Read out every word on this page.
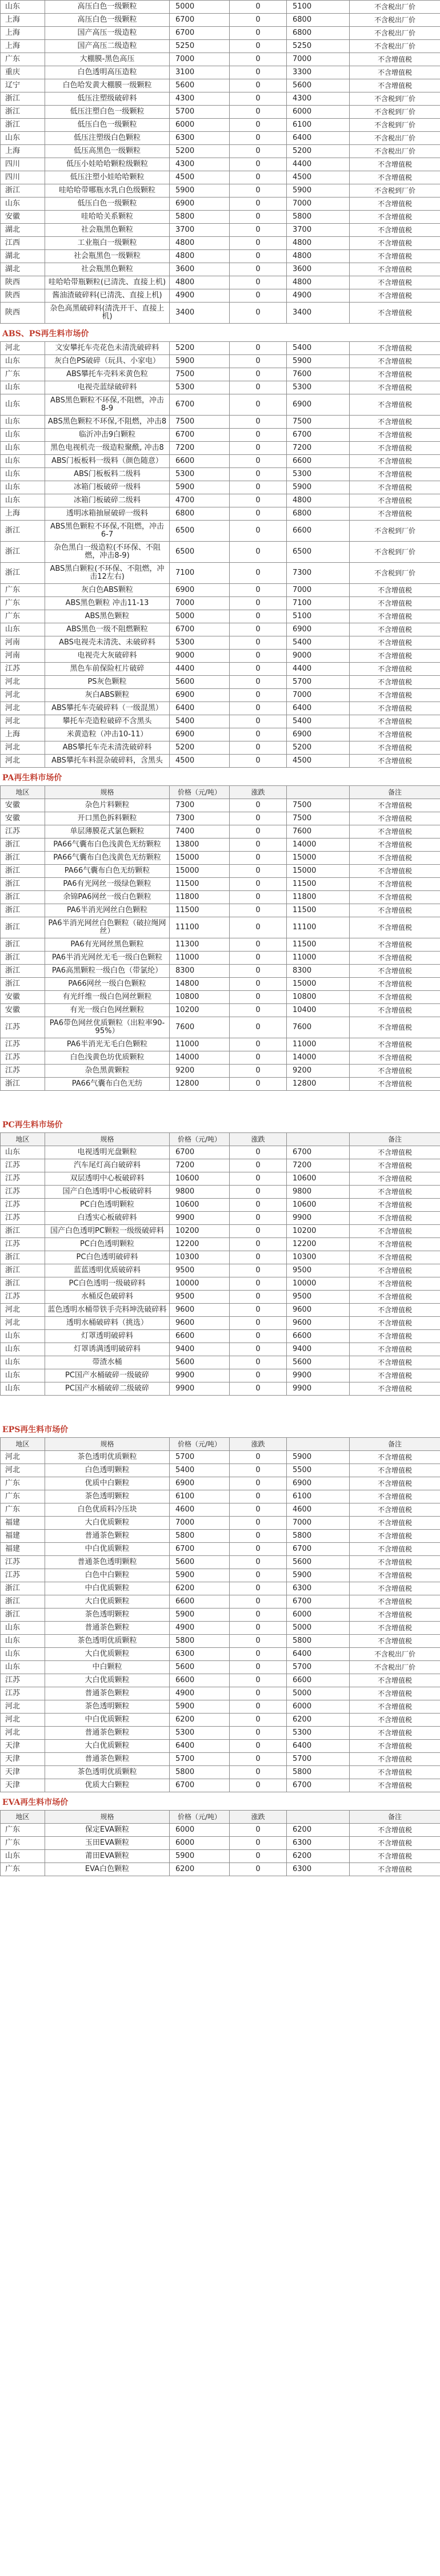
山东	高压白色一级颗粒	5000	0	5100	不含税出厂价
上海	高压白色一级颗粒	6700	0	6800	不含税出厂价
上海	国产高压一级造粒	6700	0	6800	不含税出厂价
上海	国产高压二级造粒	5250	0	5250	不含税出厂价
广东	大棚膜-黑色高压	7000	0	7000	不含增值税
重庆	白色透明高压造粒	3100	0	3300	不含增值税
辽宁	白色哈发黄大棚膜一级颗粒	5600	0	5600	不含增值税
浙江	低压注塑级破碎料	4300	0	4300	不含税到厂价
浙江	低压注塑白色一级颗粒	5700	0	6000	不含税到厂价
浙江	低压白色一级颗粒	6000	0	6100	不含税到厂价
山东	低压注塑级白色颗粒	6300	0	6400	不含税出厂价
上海	低压高黑色一级颗粒	5200	0	5200	不含税出厂价
四川	低压小娃哈哈颗粒级颗粒	4300	0	4400	不含增值税
四川	低压注塑小娃哈哈颗粒	4500	0	4500	不含增值税
浙江	哇哈哈带哪瓶水乳白色级颗粒	5900	0	5900	不含税到厂价
山东	低压白色一级颗粒	6900	0	7000	不含增值税
安徽	哇哈哈关系颗粒	5800	0	5800	不含增值税
湖北	社会瓶黑色颗粒	3700	0	3700	不含增值税
江西	工业瓶白一级颗粒	4800	0	4800	不含增值税
湖北	社会瓶黑色一级颗粒	4800	0	4800	不含增值税
湖北	社会瓶黑色颗粒	3600	0	3600	不含增值税
陕西	哇哈哈带瓶颗粒(已清洗、直接上机)	4800	0	4800	不含增值税
陕西	酱油渣破碎料(已清洗、直接上机)	4900	0	4900	不含增值税
陕西	杂色高黑破碎料(清洗开干、直接上机)	3400	0	3400	不含增值税
ABS、PS再生料市场价
河北	文安攀托车壳花色未清洗破碎料	5200	0	5400	不含增值税
山东	灰白色PS破碎（玩具、小家电）	5900	0	5900	不含增值税
广东	ABS攀托车壳料米黄色粒	7500	0	7600	不含增值税
山东	电视壳蓝绿破碎料	5300	0	5300	不含增值税
山东	ABS黑色颗粒不环保,不阻燃，冲击8-9	6700	0	6900	不含增值税
山东	ABS黑色颗粒不环保,不阻燃，冲击8	7500	0	7500	不含增值税
山东	临沂冲击9白颗粒	6700	0	6700	不含增值税
山东	黑色电视机壳一级造粒聚酰, 冲击8	7200	0	7200	不含增值税
山东	ABS门板板料一级料（颜色随意）	6600	0	6600	不含增值税
山东	ABS门板板料二级料	5300	0	5300	不含增值税
山东	冰箱门板破碎一级料	5900	0	5900	不含增值税
山东	冰箱门板破碎二级料	4700	0	4800	不含增值税
上海	透明冰箱抽屉破碎一级料	6800	0	6800	不含增值税
浙江	ABS黑色颗粒不环保,不阻燃，冲击6-7	6500	0	6600	不含税到厂价
浙江	杂色黑白一级造粒(不环保、不阻燃，冲击8-9)	6500	0	6500	不含税到厂价
浙江	ABS黑白颗粒(不环保、不阻燃，冲击12左右)	7100	0	7300	不含税到厂价
广东	灰白色ABS颗粒	6900	0	7000	不含增值税
广东	ABS黑色颗粒 冲击11-13	7000	0	7100	不含增值税
广东	ABS黑色颗粒	5000	0	5100	不含增值税
山东	ABS黑色一级不阻燃颗粒	6700	0	6900	不含增值税
河南	ABS电视壳未清洗、未破碎料	5300	0	5400	不含增值税
河南	电视壳大灰破碎料	9000	0	9000	不含增值税
江苏	黑色车前保险杠片破碎	4400	0	4400	不含增值税
河北	PS灰色颗粒	5600	0	5700	不含增值税
河北	灰白ABS颗粒	6900	0	7000	不含增值税
河北	ABS攀托车壳破碎料（一级混黑）	6400	0	6400	不含增值税
河北	攀托车壳造粒破碎不含黑头	5400	0	5400	不含增值税
上海	米黄造粒（冲击10-11）	6900	0	6900	不含增值税
河北	ABS攀托车壳未清洗破碎料	5200	0	5200	不含增值税
河北	ABS攀托车料混杂破碎料，含黑头	4500	0	4500	不含增值税
PA再生料市场价
地区	规格	价格（元/吨）	涨跌		备注
安徽	杂色片料颗粒	7300	0	7500	不含增值税
安徽	开口黑色拆料颗粒	7300	0	7500	不含增值税
江苏	单层薄膜花式氯色颗粒	7400	0	7600	不含增值税
浙江	PA66气囊布白色浅黄色无纺颗粒	13800	0	14000	不含增值税
浙江	PA66气囊布白色浅黄色无纺颗粒	15000	0	15000	不含增值税
浙江	PA66气囊布白色无纺颗粒	15000	0	15000	不含增值税
浙江	PA6有光网丝一级绿色颗粒	11500	0	11500	不含增值税
浙江	余锦PA6网丝一级白色颗粒	11800	0	11800	不含增值税
浙江	PA6半消光网丝白色颗粒	11500	0	11500	不含增值税
浙江	PA6半消光网丝白色颗粒（破拉绳网丝）	11100	0	11100	不含增值税
浙江	PA6有光网丝黑色颗粒	11300	0	11500	不含增值税
浙江	PA6半消光网丝无毛一级白色颗粒	11000	0	11000	不含增值税
浙江	PA6高黑颗粒一级白色（带氯纶）	8300	0	8300	不含增值税
浙江	PA66网丝一级白色颗粒	14800	0	15000	不含增值税
安徽	有光纤维一级白色网丝颗粒	10800	0	10800	不含增值税
安徽	有光一级白色网丝颗粒	10200	0	10400	不含增值税
江苏	PA6带色网丝优质颗粒（出粒率90-95%）	7600	0	7600	不含增值税
江苏	PA6半消光无毛白色颗粒	11000	0	11000	不含增值税
江苏	白色浅黄色坊优质颗粒	14000	0	14000	不含增值税
江苏	杂色黑黄颗粒	9200	0	9200	不含增值税
浙江	PA66气囊布白色无纺	12800	0	12800	不含增值税
PC再生料市场价
地区	规格	价格（元/吨）	涨跌		备注
山东	电视透明光盘颗粒	6700	0	6700	不含增值税
江苏	汽车尾灯高白破碎料	7200	0	7200	不含增值税
江苏	双层透明中心板破碎料	10600	0	10600	不含增值税
江苏	国产白色透明中心板破碎料	9800	0	9800	不含增值税
江苏	PC白色透明颗粒	10600	0	10600	不含增值税
江苏	白透实心板破碎料	9900	0	9900	不含增值税
浙江	国产白色透明PC颗粒一级级破碎料	10200	0	10200	不含增值税
江苏	PC白色透明颗粒	12200	0	12200	不含增值税
浙江	PC白色透明破碎料	10300	0	10300	不含增值税
浙江	蓝蓝透明优质破碎料	9500	0	9500	不含增值税
浙江	PC白色透明一级破碎料	10000	0	10000	不含增值税
江苏	水桶反色破碎料	9500	0	9500	不含增值税
河北	蓝色透明水桶带铁手壳料坤洗破碎料	9600	0	9600	不含增值税
河北	透明水桶破碎料（挑选）	9600	0	9600	不含增值税
山东	灯罩透明破碎料	6600	0	6600	不含增值税
山东	灯罩诱满透明破碎料	9400	0	9400	不含增值税
山东	带渣水桶	5600	0	5600	不含增值税
山东	PC国产水桶破碎一级破碎	9900	0	9900	不含增值税
山东	PC国产水桶破碎二级破碎	9900	0	9900	不含增值税
EPS再生料市场价
地区	规格	价格（元/吨）	涨跌		备注
河北	茶色透明优质颗粒	5700	0	5900	不含增值税
河北	白色透明颗粒	5400	0	5500	不含增值税
广东	优质中白颗粒	6900	0	6900	不含增值税
广东	茶色透明颗粒	6100	0	6100	不含增值税
广东	白色优质料冷压块	4600	0	4600	不含增值税
福建	大白优质颗粒	7000	0	7000	不含增值税
福建	普通茶色颗粒	5800	0	5800	不含增值税
福建	中白优质颗粒	6700	0	6700	不含增值税
江苏	普通茶色透明颗粒	5600	0	5600	不含增值税
江苏	白色中白颗粒	5900	0	5900	不含增值税
浙江	中白优质颗粒	6200	0	6300	不含增值税
浙江	大白优质颗粒	6600	0	6700	不含增值税
浙江	茶色透明颗粒	5900	0	6000	不含增值税
山东	普通茶色颗粒	4900	0	5000	不含增值税
山东	茶色透明优质颗粒	5800	0	5800	不含增值税
山东	大白优质颗粒	6300	0	6400	不含税出厂价
山东	中白颗粒	5600	0	5700	不含税出厂价
江苏	大白优质颗粒	6600	0	6600	不含增值税
江苏	普通茶色颗粒	4900	0	5000	不含增值税
河北	茶色透明颗粒	5900	0	6000	不含增值税
河北	中白优质颗粒	6200	0	6200	不含增值税
河北	普通茶色颗粒	5300	0	5300	不含增值税
天津	大白优质颗粒	6400	0	6400	不含增值税
天津	普通茶色颗粒	5700	0	5700	不含增值税
天津	茶色透明优质颗粒	5800	0	5800	不含增值税
天津	优质大白颗粒	6700	0	6700	不含增值税
EVA再生料市场价
地区	规格	价格（元/吨）	涨跌		备注
广东	保定EVA颗粒	6000	0	6200	不含增值税
广东	玉田EVA颗粒	6000	0	6300	不含增值税
山东	莆田EVA颗粒	5900	0	6200	不含增值税
广东	EVA白色颗粒	6200	0	6300	不含增值税
